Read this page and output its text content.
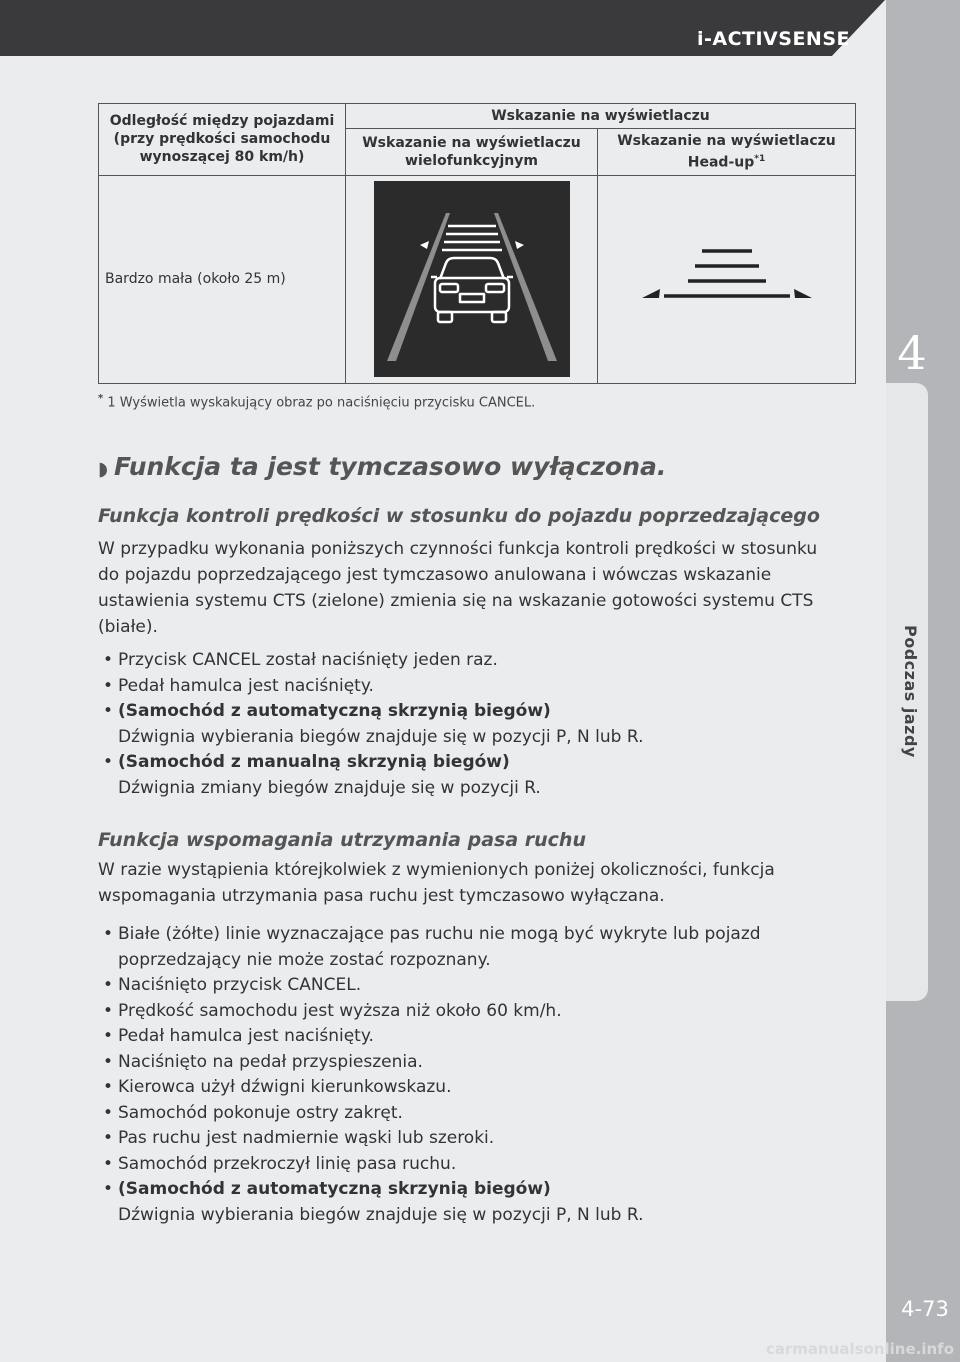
i-ACTIVSENSE
4
Podczas jazdy
4-73
Odległość między pojazdami (przy prędkości samochodu wynoszącej 80 km/h)	Wskazanie na wyświetlaczu	
	Wskazanie na wyświetlaczu wielofunkcyjnym	Wskazanie na wyświetlaczu Head-$up^{*1}$
Bardzo mała (około 25 m)	

* 1 Wyświetla wyskakujący obraz po naciśnięciu przycisku CANCEL.
◗ Funkcja ta jest tymczasowo wyłączona.
Funkcja kontroli prędkości w stosunku do pojazdu poprzedzającego
W przypadku wykonania poniższych czynności funkcja kontroli prędkości w stosunku do pojazdu poprzedzającego jest tymczasowo anulowana i wówczas wskazanie ustawienia systemu CTS (zielone) zmienia się na wskazanie gotowości systemu CTS (białe).
• Przycisk CANCEL został naciśnięty jeden raz.
• Pedał hamulca jest naciśnięty.
• (Samochód z automatyczną skrzynią biegów)
Dźwignia wybierania biegów znajduje się w pozycji P, N lub R.
• (Samochód z manualną skrzynią biegów)
Dźwignia zmiany biegów znajduje się w pozycji R.
Funkcja wspomagania utrzymania pasa ruchu
W razie wystąpienia którejkolwiek z wymienionych poniżej okoliczności, funkcja wspomagania utrzymania pasa ruchu jest tymczasowo wyłączana.
• Białe (żółte) linie wyznaczające pas ruchu nie mogą być wykryte lub pojazd poprzedzający nie może zostać rozpoznany.
• Naciśnięto przycisk CANCEL.
• Prędkość samochodu jest wyższa niż około 60 km/h.
• Pedał hamulca jest naciśnięty.
• Naciśnięto na pedał przyspieszenia.
• Kierowca użył dźwigni kierunkowskazu.
• Samochód pokonuje ostry zakręt.
• Pas ruchu jest nadmiernie wąski lub szeroki.
• Samochód przekroczył linię pasa ruchu.
• (Samochód z automatyczną skrzynią biegów)
Dźwignia wybierania biegów znajduje się w pozycji P, N lub R.
carmanualsonline.info
